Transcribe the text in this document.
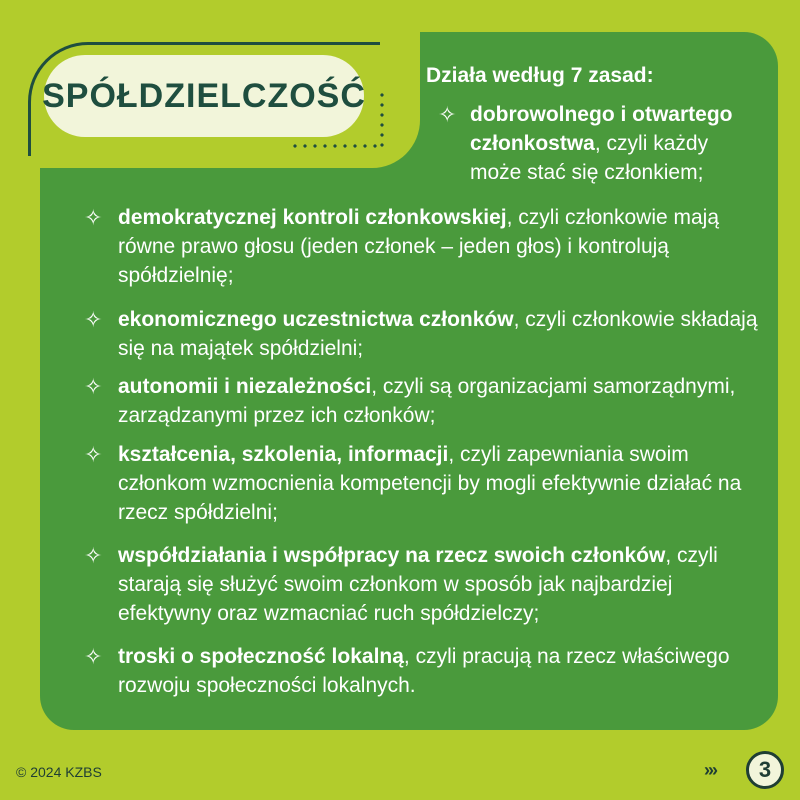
SPÓŁDZIELCZOŚĆ
Działa według 7 zasad:
✧ dobrowolnego i otwartego członkostwa, czyli każdy może stać się członkiem;
✧ demokratycznej kontroli członkowskiej, czyli członkowie mają równe prawo głosu (jeden członek – jeden głos) i kontrolują spółdzielnię;
✧ ekonomicznego uczestnictwa członków, czyli członkowie składają się na majątek spółdzielni;
✧ autonomii i niezależności, czyli są organizacjami samorządnymi, zarządzanymi przez ich członków;
✧ kształcenia, szkolenia, informacji, czyli zapewniania swoim członkom wzmocnienia kompetencji by mogli efektywnie działać na rzecz spółdzielni;
✧ współdziałania i współpracy na rzecz swoich członków, czyli starają się służyć swoim członkom w sposób jak najbardziej efektywny oraz wzmacniać ruch spółdzielczy;
✧ troski o społeczność lokalną, czyli pracują na rzecz właściwego rozwoju społeczności lokalnych.
© 2024 KZBS	›››	3
